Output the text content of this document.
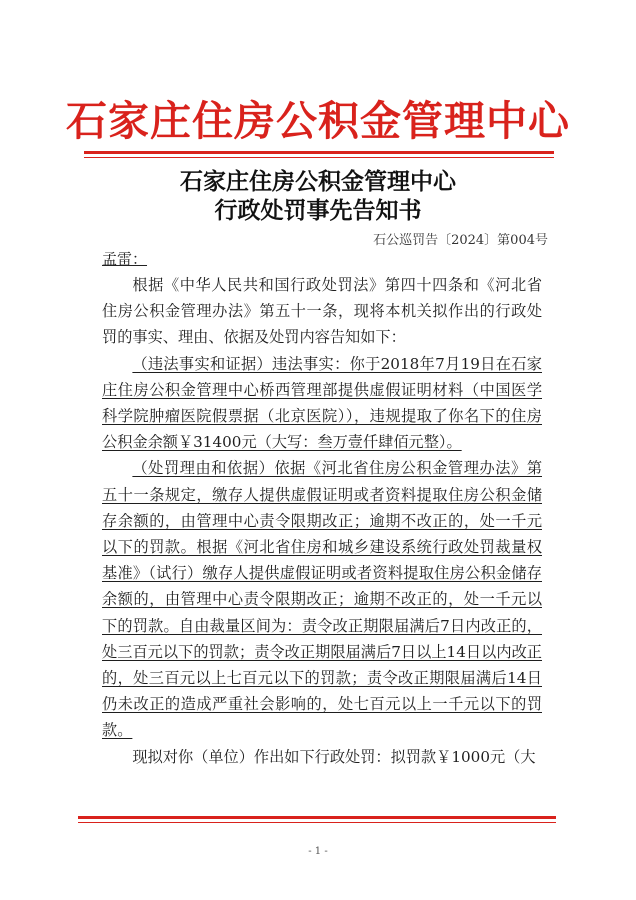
石家庄住房公积金管理中心
石家庄住房公积金管理中心
行政处罚事先告知书
石公巡罚告〔2024〕第004号
孟雷：

根据《中华人民共和国行政处罚法》第四十四条和《河北省住房公积金管理办法》第五十一条，现将本机关拟作出的行政处罚的事实、理由、依据及处罚内容告知如下：

（违法事实和证据）违法事实：你于2018年7月19日在石家庄住房公积金管理中心桥西管理部提供虚假证明材料（中国医学科学院肿瘤医院假票据（北京医院）），违规提取了你名下的住房公积金余额￥31400元（大写：叁万壹仟肆佰元整）。

（处罚理由和依据）依据《河北省住房公积金管理办法》第五十一条规定，缴存人提供虚假证明或者资料提取住房公积金储存余额的，由管理中心责令限期改正；逾期不改正的，处一千元以下的罚款。根据《河北省住房和城乡建设系统行政处罚裁量权基准》（试行）缴存人提供虚假证明或者资料提取住房公积金储存余额的，由管理中心责令限期改正；逾期不改正的，处一千元以下的罚款。自由裁量区间为：责令改正期限届满后7日内改正的，处三百元以下的罚款；责令改正期限届满后7日以上14日以内改正的，处三百元以上七百元以下的罚款；责令改正期限届满后14日仍未改正的造成严重社会影响的，处七百元以上一千元以下的罚款。

现拟对你（单位）作出如下行政处罚：拟罚款￥1000元（大

- 1 -
